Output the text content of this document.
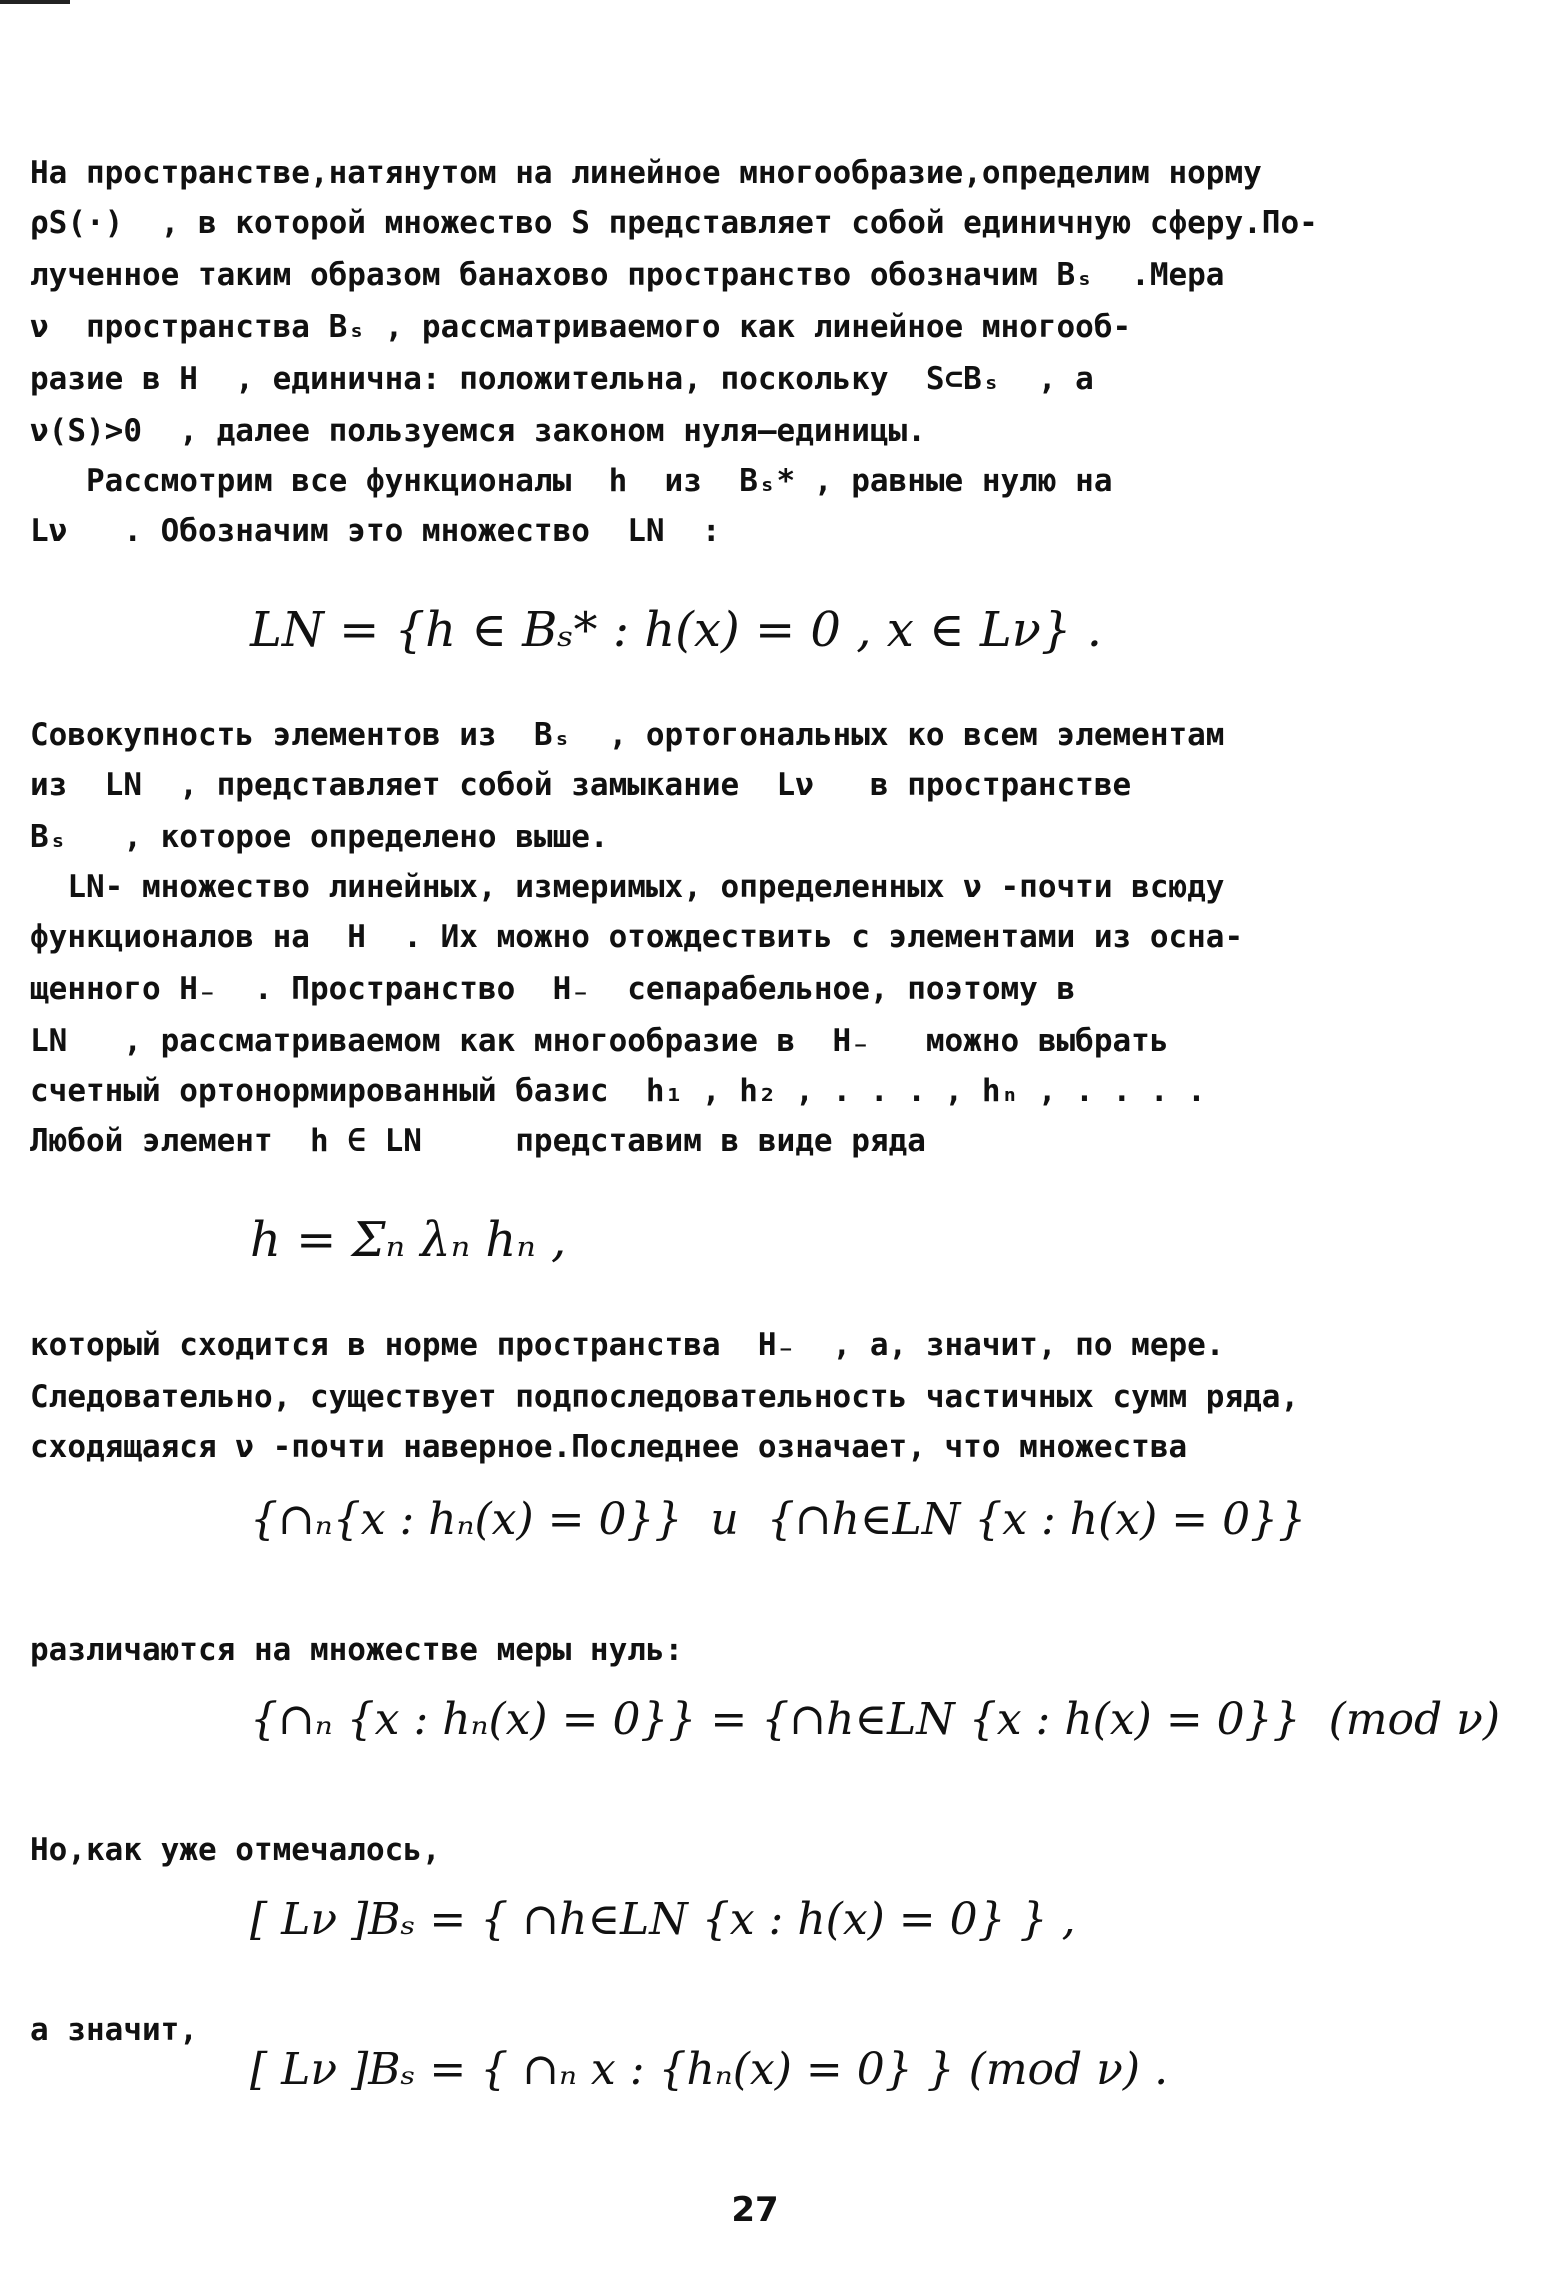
На пространстве,натянутом на линейное многообразие,определим норму
ρS(·)  , в которой множество S представляет собой единичную сферу.По-
лученное таким образом банахово пространство обозначим Bₛ  .Мера
ν  пространства Bₛ , рассматриваемого как линейное многооб-
разие в H  , единична: положительна, поскольку  S⊂Bₛ  , а
ν(S)>0  , далее пользуемся законом нуля–единицы.
Рассмотрим все функционалы  h  из  Bₛ* , равные нулю на
Lν   . Обозначим это множество  LN  :
LN = {h ∈ Bₛ* : h(x) = 0 , x ∈ Lν} .
Совокупность элементов из  Bₛ  , ортогональных ко всем элементам
из  LN  , представляет собой замыкание  Lν   в пространстве
Bₛ   , которое определено выше.
LN- множество линейных, измеримых, определенных ν -почти всюду
функционалов на  H  . Их можно отождествить с элементами из осна-
щенного H₋  . Пространство  H₋  сепарабельное, поэтому в
LN   , рассматриваемом как многообразие в  H₋   можно выбрать
счетный ортонормированный базис  h₁ , h₂ , . . . , hₙ , . . . .
Любой элемент  h ∈ LN     представим в виде ряда
h = Σₙ λₙ hₙ ,
который сходится в норме пространства  H₋  , а, значит, по мере.
Следовательно, существует подпоследовательность частичных сумм ряда,
сходящаяся ν -почти наверное.Последнее означает, что множества
{∩ₙ{x : hₙ(x) = 0}}  и  {∩h∈LN {x : h(x) = 0}}
различаются на множестве меры нуль:
{∩ₙ {x : hₙ(x) = 0}} = {∩h∈LN {x : h(x) = 0}}  (mod ν)
Но,как уже отмечалось,
[ Lν ]Bₛ = { ∩h∈LN {x : h(x) = 0} } ,
а значит,
[ Lν ]Bₛ = { ∩ₙ x : {hₙ(x) = 0} } (mod ν) .
27
